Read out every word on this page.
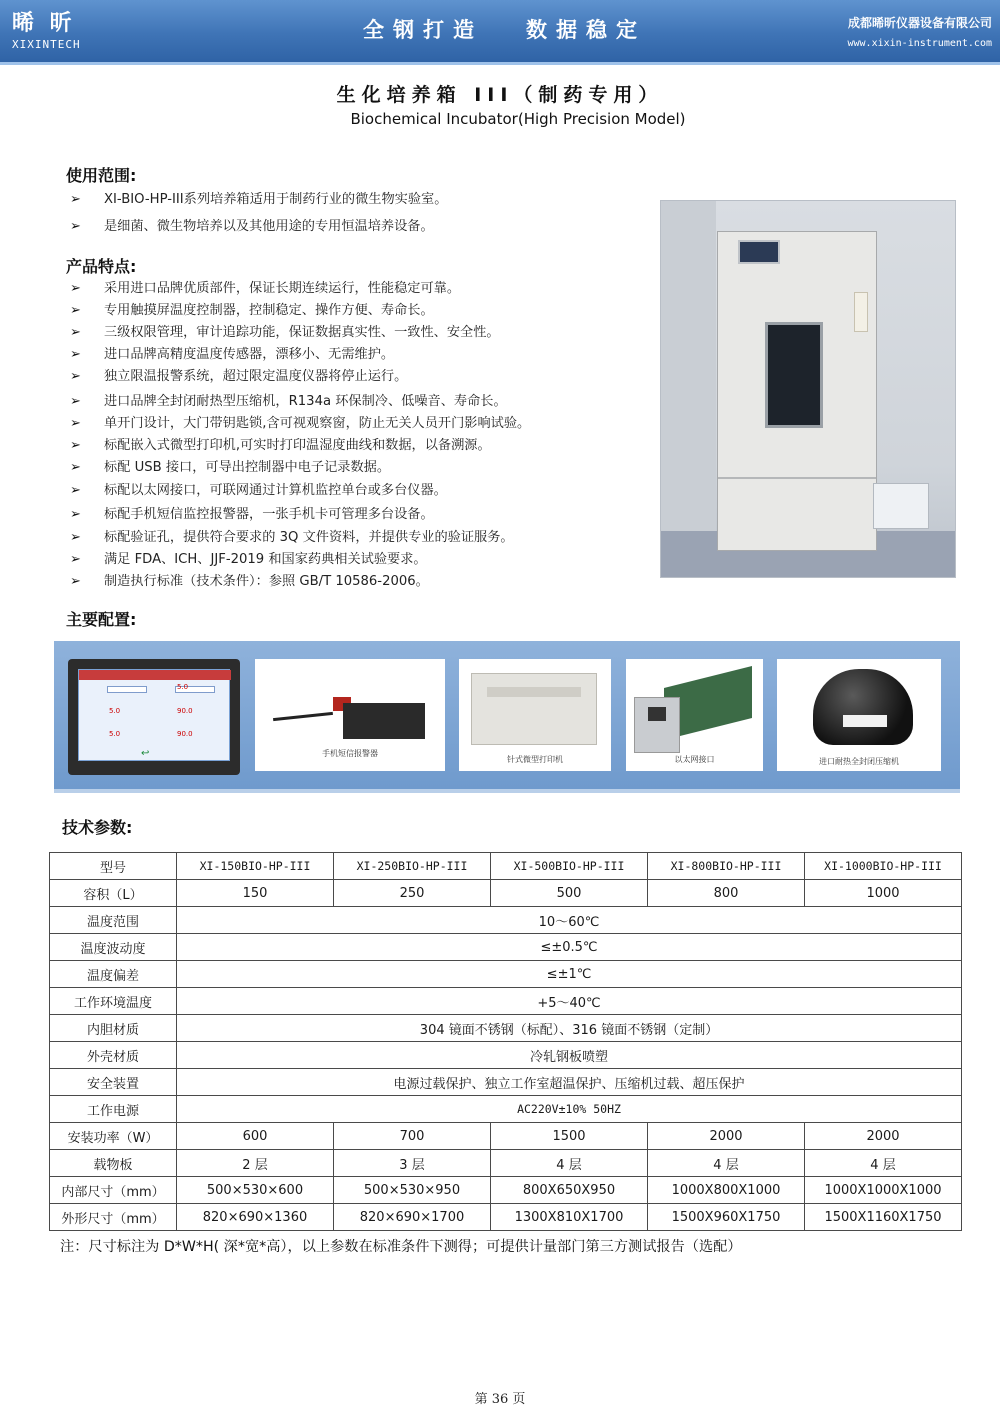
晞 昕
XIXINTECH
全钢打造 数据稳定	成都晞昕仪器设备有限公司
www.xixin-instrument.com
生化培养箱 III（制药专用）
Biochemical Incubator(High Precision Model)
使用范围:
➢ XI-BIO-HP-III系列培养箱适用于制药行业的微生物实验室。
➢ 是细菌、微生物培养以及其他用途的专用恒温培养设备。
产品特点:
➢ 采用进口品牌优质部件，保证长期连续运行，性能稳定可靠。
➢ 专用触摸屏温度控制器，控制稳定、操作方便、寿命长。
➢ 三级权限管理，审计追踪功能，保证数据真实性、一致性、安全性。
➢ 进口品牌高精度温度传感器，漂移小、无需维护。
➢ 独立限温报警系统，超过限定温度仪器将停止运行。
➢ 进口品牌全封闭耐热型压缩机，R134a 环保制冷、低噪音、寿命长。
➢ 单开门设计，大门带钥匙锁,含可视观察窗，防止无关人员开门影响试验。
➢ 标配嵌入式微型打印机,可实时打印温湿度曲线和数据，以备溯源。
➢ 标配 USB 接口，可导出控制器中电子记录数据。
➢ 标配以太网接口，可联网通过计算机监控单台或多台仪器。
➢ 标配手机短信监控报警器，一张手机卡可管理多台设备。
➢ 标配验证孔，提供符合要求的 3Q 文件资料，并提供专业的验证服务。
➢ 满足 FDA、ICH、JJF-2019 和国家药典相关试验要求。
➢ 制造执行标准（技术条件）：参照 GB/T 10586-2006。
主要配置:
5.0
5.0	90.0
5.0	90.0
↩	手机短信报警器
针式微型打印机	以太网接口	进口耐热全封闭压缩机
技术参数:
型号	XI-150BIO-HP-III	XI-250BIO-HP-III	XI-500BIO-HP-III	XI-800BIO-HP-III	XI-1000BIO-HP-III
容积（L）	150	250	500	800	1000
温度范围	10～60℃				
温度波动度	≤±0.5℃				
温度偏差	≤±1℃				
工作环境温度	+5～40℃				
内胆材质	304 镜面不锈钢（标配）、316 镜面不锈钢（定制）				
外壳材质	冷轧钢板喷塑				
安全装置	电源过载保护、独立工作室超温保护、压缩机过载、超压保护				
工作电源	AC220V±10% 50HZ				
安装功率（W）	600	700	1500	2000	2000
载物板	2 层	3 层	4 层	4 层	4 层
内部尺寸（mm）	500×530×600	500×530×950	800X650X950	1000X800X1000	1000X1000X1000
外形尺寸（mm）	820×690×1360	820×690×1700	1300X810X1700	1500X960X1750	1500X1160X1750
注：尺寸标注为 D*W*H( 深*宽*高），以上参数在标准条件下测得；可提供计量部门第三方测试报告（选配）
第 36 页
